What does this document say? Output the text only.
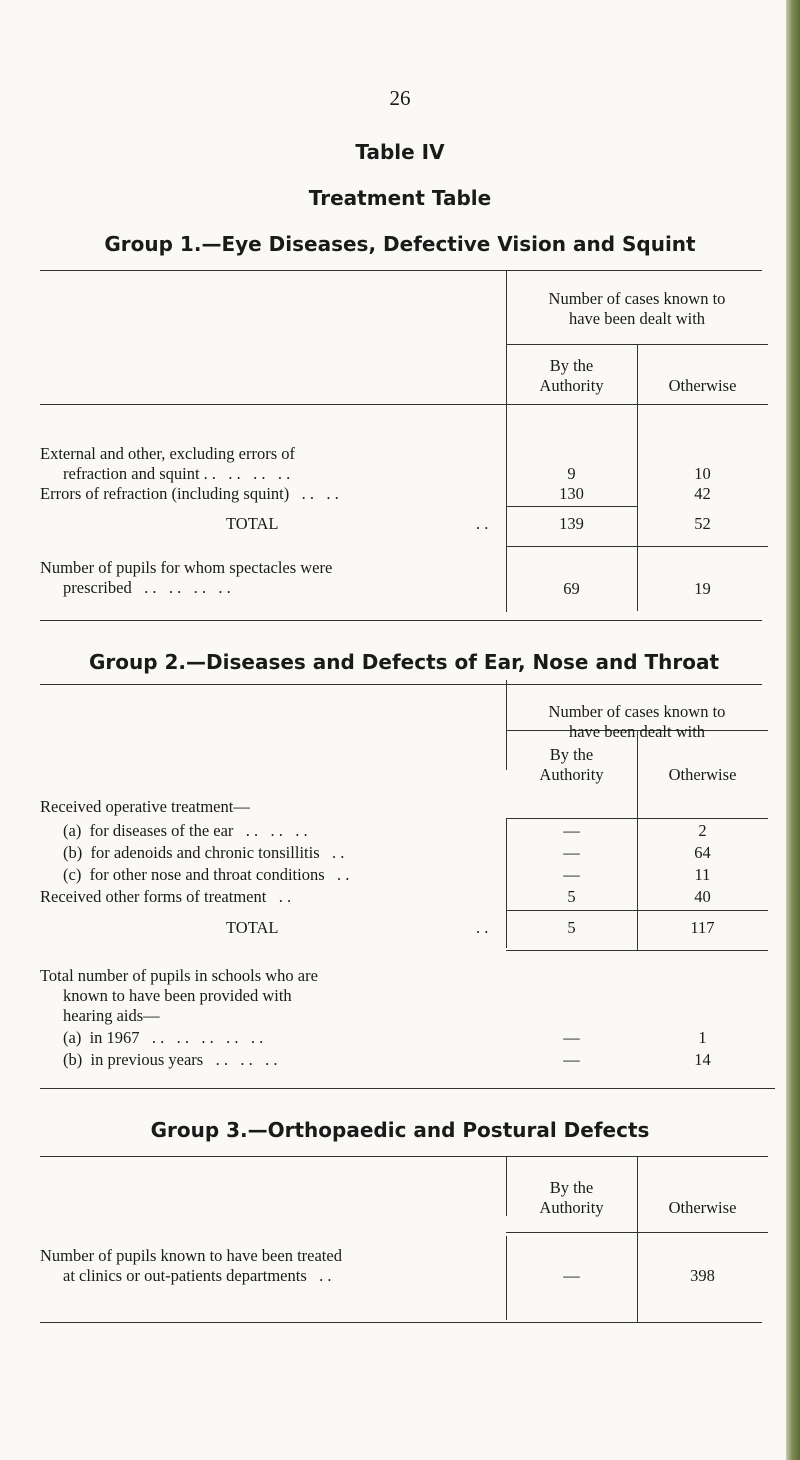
26
Table IV
Treatment Table
Group 1.—Eye Diseases, Defective Vision and Squint
Number of cases known to
have been dealt with
By the
Authority	Otherwise
External and other, excluding errors of
refraction and squint . .   . .   . .   . .	9	10
Errors of refraction (including squint)   . .   . .	130	42
TOTAL	. .	139	52
Number of pupils for whom spectacles were
prescribed   . .   . .   . .   . .	69	19
Group 2.—Diseases and Defects of Ear, Nose and Throat
Number of cases known to
have been dealt with
By the
Authority	Otherwise
Received operative treatment—
(a)  for diseases of the ear   . .   . .   . .	—	2
(b)  for adenoids and chronic tonsillitis   . .	—	64
(c)  for other nose and throat conditions   . .	—	11
Received other forms of treatment   . .	5	40
TOTAL	. .	5	117
Total number of pupils in schools who are
known to have been provided with
hearing aids—
(a)  in 1967   . .   . .   . .   . .   . .	—	1
(b)  in previous years   . .   . .   . .	—	14
Group 3.—Orthopaedic and Postural Defects
By the
Authority	Otherwise
Number of pupils known to have been treated
at clinics or out-patients departments   . .	—	398
